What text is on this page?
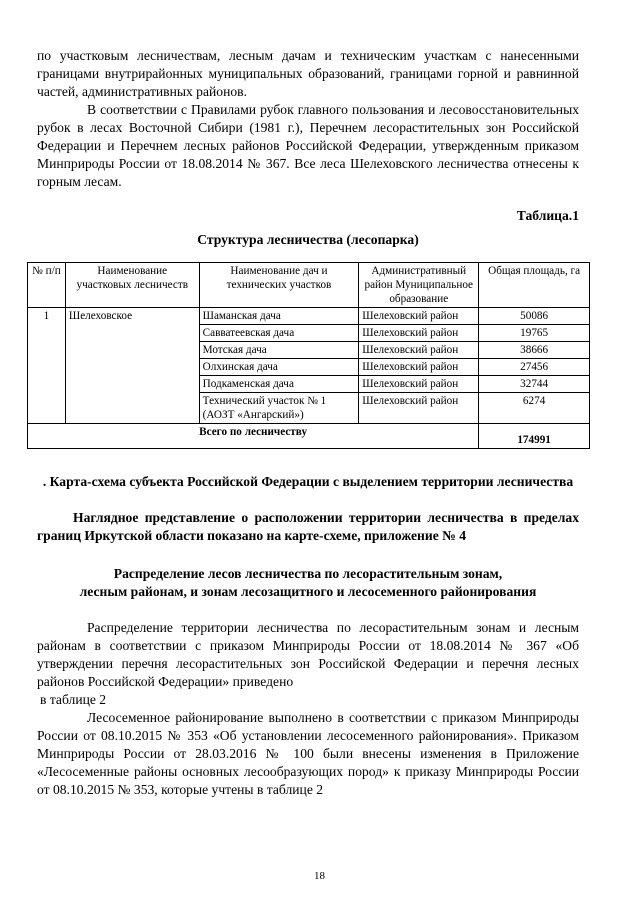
по участковым лесничествам, лесным дачам и техническим участкам с нанесенными границами внутрирайонных муниципальных образований, границами горной и равнинной частей, административных районов.

В соответствии с Правилами рубок главного пользования и лесовосстановительных рубок в лесах Восточной Сибири (1981 г.), Перечнем лесорастительных зон Российской Федерации и Перечнем лесных районов Российской Федерации, утвержденным приказом Минприроды России от 18.08.2014 № 367. Все леса Шелеховского лесничества отнесены к горным лесам.

Таблица.1

Структура лесничества (лесопарка)

№ п/п	Наименование участковых лесничеств	Наименование дач и технических участков	Административный район Муниципальное образование	Общая площадь, га
1	Шелеховское	Шаманская дача	Шелеховский район	50086
		Савватеевская дача	Шелеховский район	19765
		Мотская дача	Шелеховский район	38666
		Олхинская дача	Шелеховский район	27456
		Подкаменская дача	Шелеховский район	32744
		Технический участок № 1 (АОЗТ «Ангарский»)	Шелеховский район	6274
Всего по лесничеству				174991

. Карта-схема субъекта Российской Федерации с выделением территории лесничества

Наглядное представление о расположении территории лесничества в пределах границ Иркутской области показано на карте-схеме, приложение № 4

Распределение лесов лесничества по лесорастительным зонам,
лесным районам, и зонам лесозащитного и лесосеменного районирования

Распределение территории лесничества по лесорастительным зонам и лесным районам в соответствии с приказом Минприроды России от 18.08.2014 № 367 «Об утверждении перечня лесорастительных зон Российской Федерации и перечня лесных районов Российской Федерации» приведено

в таблице 2

Лесосеменное районирование выполнено в соответствии с приказом Минприроды России от 08.10.2015 № 353 «Об установлении лесосеменного районирования». Приказом Минприроды России от 28.03.2016 № 100 были внесены изменения в Приложение «Лесосеменные районы основных лесообразующих пород» к приказу Минприроды России от 08.10.2015 № 353, которые учтены в таблице 2

18
